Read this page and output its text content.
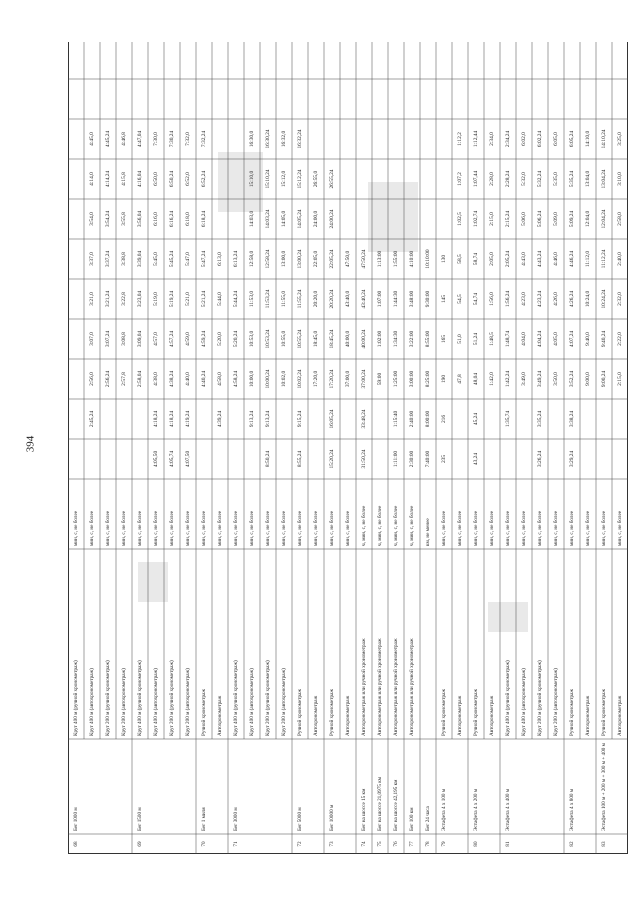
394
68
Бег 1000 м
Круг 400 м (ручной хронометраж)
мин, с, не более
Круг 400 м (автохронометраж)
мин, с, не более
2:45,24
2:56,0
3:07,0
3:21,0
3:37,0
3:54,0
4:14,0
4:45,0
Круг 200 м (ручной хронометраж)
мин, с, не более
2:56,24
3:07,24
3:21,24
3:37,24
3:54,24
4:14,24
4:45,24
Круг 200 м (автохронометраж)
мин, с, не более
2:57,8
3:08,8
3:22,8
3:38,8
3:55,8
4:15,8
4:46,8
69
Бег 1500 м
Круг 400 м (ручной хронометраж)
мин, с, не более
2:58,04
3:09,04
3:23,04
3:39,04
3:56,04
4:16,04
4:47,04
Круг 400 м (автохронометраж)
мин, с, не более
4:05,50
4:18,24
4:38,0
4:57,0
5:19,0
5:45,0
6:16,0
6:50,0
7:30,0
Круг 200 м (ручной хронометраж)
мин, с, не более
4:05,74
4:18,24
4:38,24
4:57,24
5:19,24
5:45,24
6:16,24
6:50,24
7:30,24
Круг 200 м (автохронометраж)
мин, с, не более
4:07,50
4:19,24
4:40,0
4:59,0
5:21,0
5:47,0
6:18,0
6:52,0
7:32,0
70
Бег 1 миля
Ручной хронометраж
мин, с, не более
4:40,24
4:59,24
5:21,24
5:47,24
6:18,24
6:52,24
7:32,24
Автохронометраж
мин, с, не более
4:39,24
4:58,0
5:20,0
5:44,0
6:13,0
71
Бег 3000 м
Круг 400 м (ручной хронометраж)
мин, с, не более
4:58,24
5:20,24
5:44,24
6:13,24
Круг 400 м (автохронометраж)
мин, с, не более
9:13,24
10:00,0
10:53,0
11:53,0
12:58,0
14:03,0
15:10,0
16:30,0
Круг 200 м (ручной хронометраж)
мин, с, не более
8:50,24
9:13,24
10:00,24
10:53,24
11:53,24
12:58,24
14:03,24
15:10,24
16:30,24
Круг 200 м (автохронометраж)
мин, с, не более
10:02,0
10:55,0
11:55,0
13:00,0
14:05,0
15:12,0
16:32,0
72
Бег 5000 м
Ручной хронометраж
мин, с, не более
8:55,24
9:15,24
10:02,24
10:55,24
11:55,24
13:00,24
14:05,24
15:12,24
16:32,24
Автохронометраж
мин, с, не более
17:20,0
18:45,0
20:20,0
22:05,0
24:00,0
26:55,0
73
Бег 10000 м
Ручной хронометраж
мин, с, не более
15:20,24
16:05,24
17:20,24
18:45,24
20:20,24
22:05,24
24:00,24
26:55,24
Автохронометраж
мин, с, не более
37:00,0
40:00,0
43:40,0
47:50,0
74
Бег на шоссе 15 км
Автохронометраж или ручной хронометраж
ч, мин, с, не более
31:50,24
33:48,24
37:00,24
40:00,24
43:40,24
47:50,24
75
Бег на шоссе 21,0975 км
Автохронометраж или ручной хронометраж
ч, мин, с, не более
59:00
1:02:00
1:07:00
1:13:00
76
Бег на шоссе 42,195 км
Автохронометраж или ручной хронометраж
ч, мин, с, не более
1:11:00
1:15:40
1:25:00
1:34:30
1:44:30
1:55:00
77
Бег 100 км
Автохронометраж или ручной хронометраж
ч, мин, с, не более
2:30:00
2:40:00
3:00:00
3:22:00
3:48:00
4:10:00
78
Бег 24 часа
км, не менее
7:40:00
8:00:00
8:25:00
8:55:00
9:30:00
10:10:00
79
Эстафета 4 х 100 м
Ручной хронометраж
мин, с, не более
235
216
190
165
145
130
Автохронометраж
мин, с, не более
47,8
51,0
54,5
58,5
1:02,5
1:07,2
1:12,2
80
Эстафета 4 х 200 м
Ручной хронометраж
мин, с, не более
43,24
45,24
48,04
51,24
54,74
58,74
1:02,74
1:07,44
1:12,44
Автохронометраж
мин, с, не более
1:42,0
1:48,5
1:56,0
2:05,0
2:15,0
2:28,0
2:34,0
81
Эстафета 4 х 400 м
Круг 400 м (ручной хронометраж)
мин, с, не более
1:35,74
1:42,24
1:48,74
1:56,24
2:05,24
2:15,24
2:28,24
2:34,24
Круг 400 м (автохронометраж)
мин, с, не более
3:49,0
4:04,0
4:23,0
4:43,0
5:06,0
5:32,0
6:02,0
Круг 200 м (ручной хронометраж)
мин, с, не более
3:26,24
3:35,24
3:49,24
4:04,24
4:23,24
4:43,24
5:06,24
5:32,24
6:02,24
Круг 200 м (автохронометраж)
мин, с, не более
3:50,0
4:05,0
4:26,0
4:46,0
5:09,0
5:35,0
6:05,0
82
Эстафета 4 х 800 м
Ручной хронометраж
мин, с, не более
3:29,24
3:38,24
3:52,24
4:07,24
4:26,24
4:46,24
5:09,24
5:35,24
6:05,24
Автохронометраж
мин, с, не более
9:00,0
9:40,0
10:24,0
11:12,0
12:04,0
13:04,0
14:10,0
83
Эстафета 100 м + 200 м + 300 м + 400 м
Ручной хронометраж
мин, с, не более
9:00,24
9:40,24
10:24,24
11:12,24
12:04,24
13:04,24
14:10,24
Автохронометраж
мин, с, не более
2:15,0
2:22,0
2:32,0
2:40,0
2:58,0
3:10,0
3:25,0
